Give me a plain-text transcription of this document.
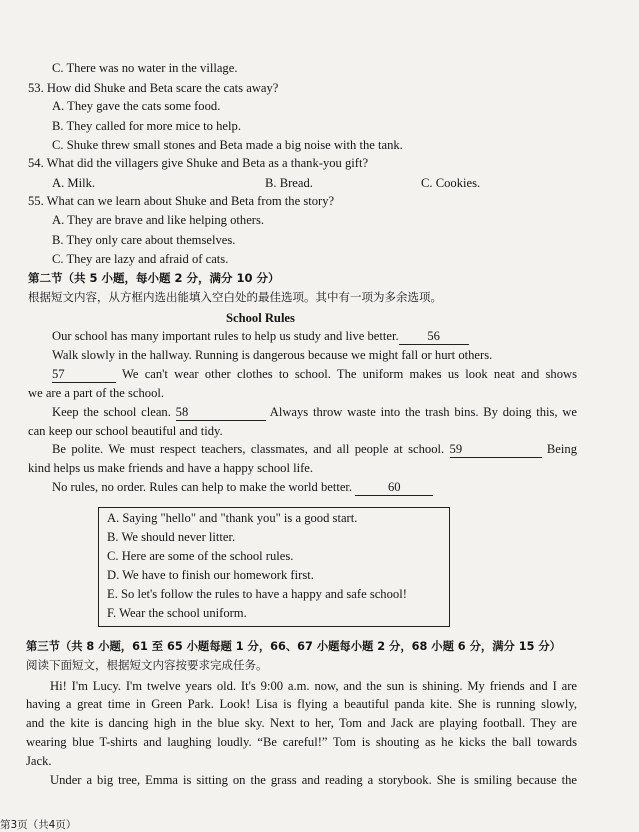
C. There was no water in the village.
53. How did Shuke and Beta scare the cats away?
A. They gave the cats some food.
B. They called for more mice to help.
C. Shuke threw small stones and Beta made a big noise with the tank.
54. What did the villagers give Shuke and Beta as a thank-you gift?
A. Milk.	B. Bread.	C. Cookies.
55. What can we learn about Shuke and Beta from the story?
A. They are brave and like helping others.
B. They only care about themselves.
C. They are lazy and afraid of cats.
第二节（共 5 小题，每小题 2 分，满分 10 分）
根据短文内容，从方框内选出能填入空白处的最佳选项。其中有一项为多余选项。
School Rules
Our school has many important rules to help us study and live better. 56
Walk slowly in the hallway. Running is dangerous because we might fall or hurt others.
57	We can't wear other clothes to school. The uniform makes us look neat and shows
we are a part of the school.
Keep the school clean. 58	Always throw waste into the trash bins. By doing this, we
can keep our school beautiful and tidy.
Be polite. We must respect teachers, classmates, and all people at school. 59	Being
kind helps us make friends and have a happy school life.
No rules, no order. Rules can help to make the world better.	60
A. Saying "hello" and "thank you" is a good start.
B. We should never litter.
C. Here are some of the school rules.
D. We have to finish our homework first.
E. So let's follow the rules to have a happy and safe school!
F. Wear the school uniform.
第三节（共 8 小题，61 至 65 小题每题 1 分，66、67 小题每小题 2 分，68 小题 6 分，满分 15 分）
阅读下面短文，根据短文内容按要求完成任务。
Hi! I'm Lucy. I'm twelve years old. It's 9:00 a.m. now, and the sun is shining. My friends and I are
having a great time in Green Park. Look! Lisa is flying a beautiful panda kite. She is running slowly,
and the kite is dancing high in the blue sky. Next to her, Tom and Jack are playing football. They are
wearing blue T-shirts and laughing loudly. “Be careful!” Tom is shouting as he kicks the ball towards
Jack.
Under a big tree, Emma is sitting on the grass and reading a storybook. She is smiling because the
第3页（共4页）
